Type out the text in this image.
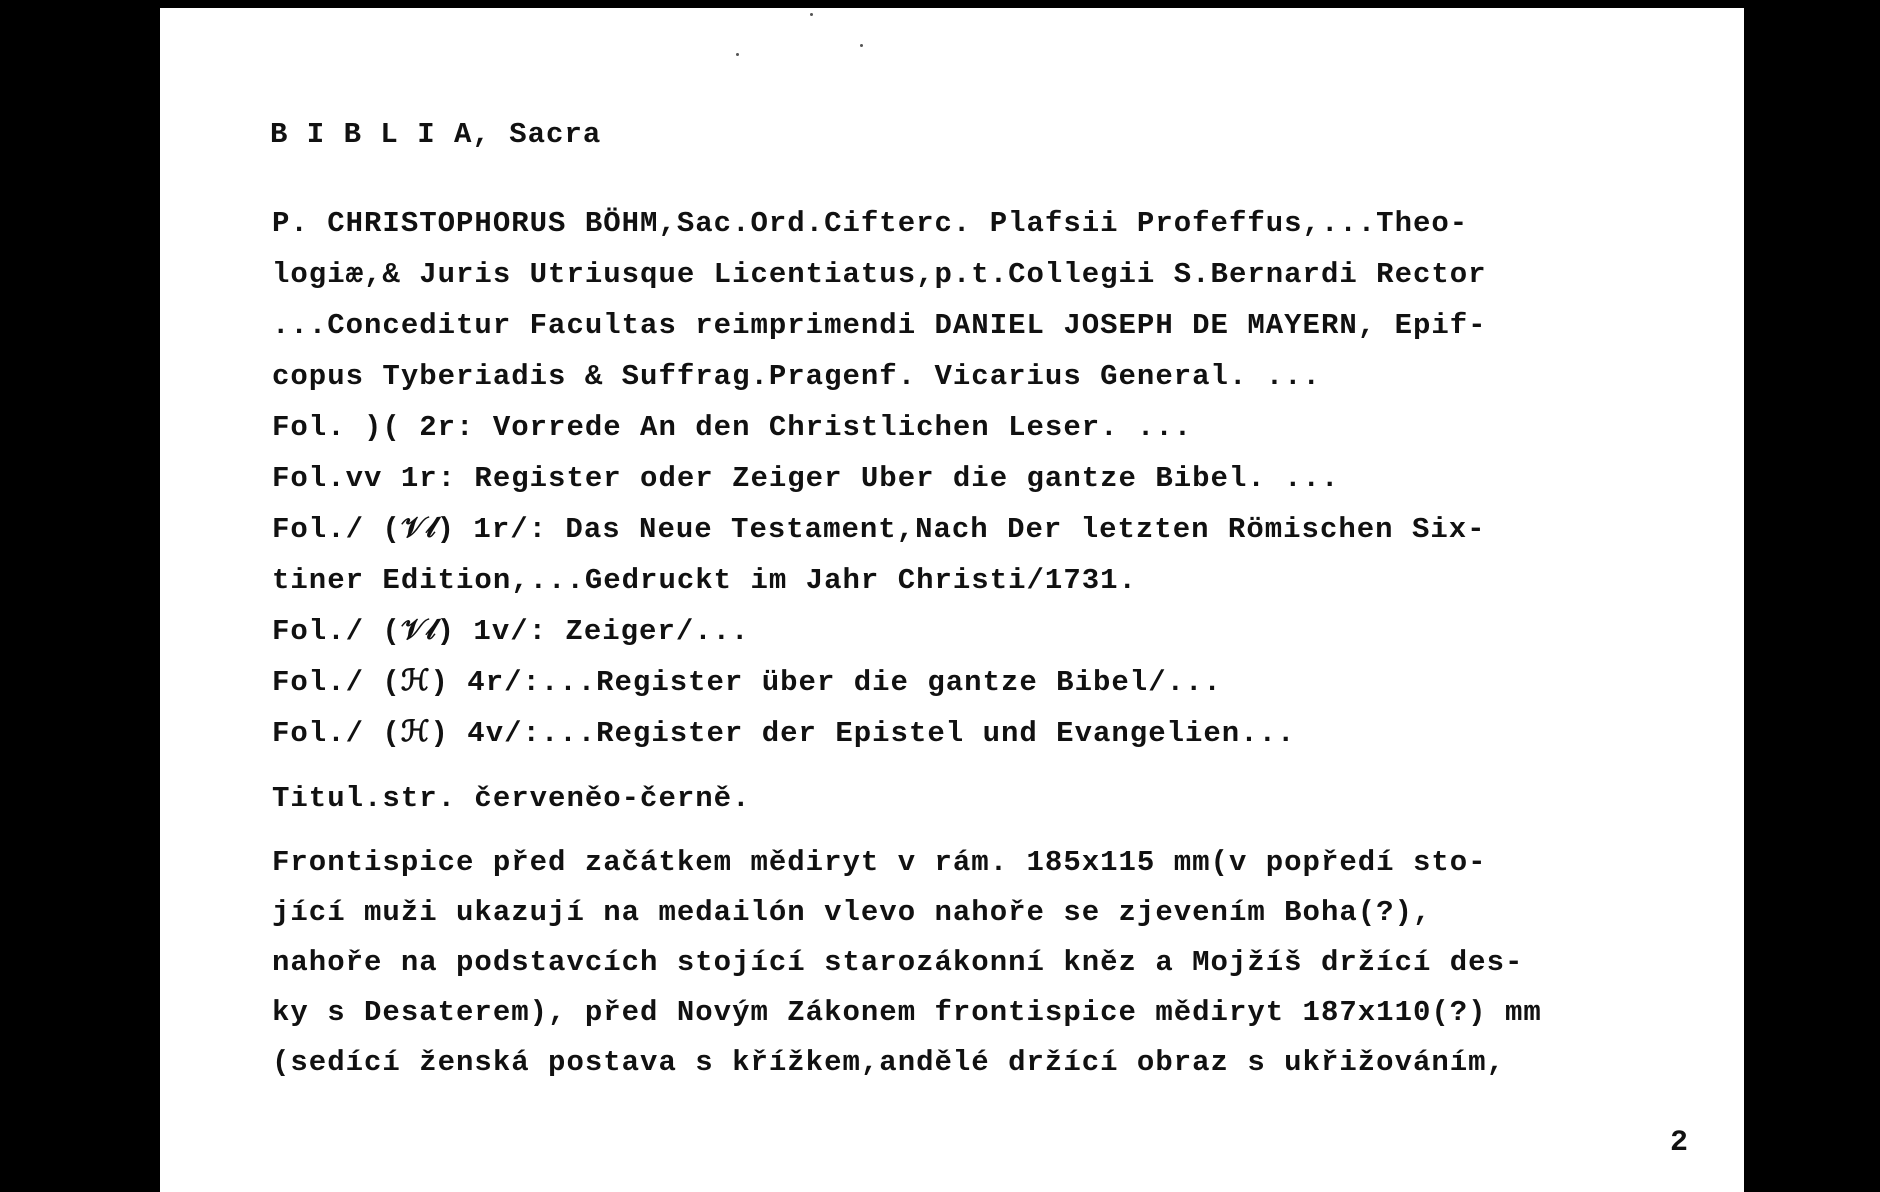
B I B L I A, Sacra
P. CHRISTOPHORUS BÖHM,Sac.Ord.Cifterc. Plafsii Profeffus,...Theo-
logiæ,& Juris Utriusque Licentiatus,p.t.Collegii S.Bernardi Rector
...Conceditur Facultas reimprimendi DANIEL JOSEPH DE MAYERN, Epif-
copus Tyberiadis & Suffrag.Pragenf. Vicarius General. ...
Fol. )( 2r: Vorrede An den Christlichen Leser. ...
Fol.vv 1r: Register oder Zeiger Uber die gantze Bibel. ...
Fol./ (𝒱𝓁) 1r/: Das Neue Testament,Nach Der letzten Römischen Six-
tiner Edition,...Gedruckt im Jahr Christi/1731.
Fol./ (𝒱𝓁) 1v/: Zeiger/...
Fol./ (ℋ) 4r/:...Register über die gantze Bibel/...
Fol./ (ℋ) 4v/:...Register der Epistel und Evangelien...
Titul.str. červeněo-černě.
Frontispice před začátkem mědiryt v rám. 185x115 mm(v popředí sto-
jící muži ukazují na medailón vlevo nahoře se zjevením Boha(?),
nahoře na podstavcích stojící starozákonní kněz a Mojžíš držící des-
ky s Desaterem), před Novým Zákonem frontispice mědiryt 187x110(?) mm
(sedící ženská postava s křížkem,andělé držící obraz s ukřižováním,
2
